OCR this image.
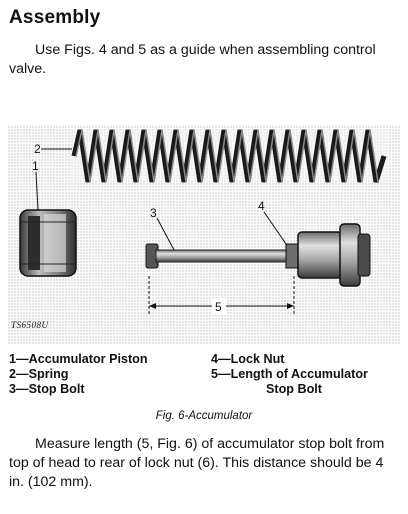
Assembly

Use Figs. 4 and 5 as a guide when assembling control valve.

2
1
3	4
5
TS6508U
1—Accumulator Piston
2—Spring
3—Stop Bolt
4—Lock Nut
5—Length of Accumulator
Stop Bolt
Fig. 6-Accumulator

Measure length (5, Fig. 6) of accumulator stop bolt from top of head to rear of lock nut (6). This distance should be 4 in. (102 mm).
